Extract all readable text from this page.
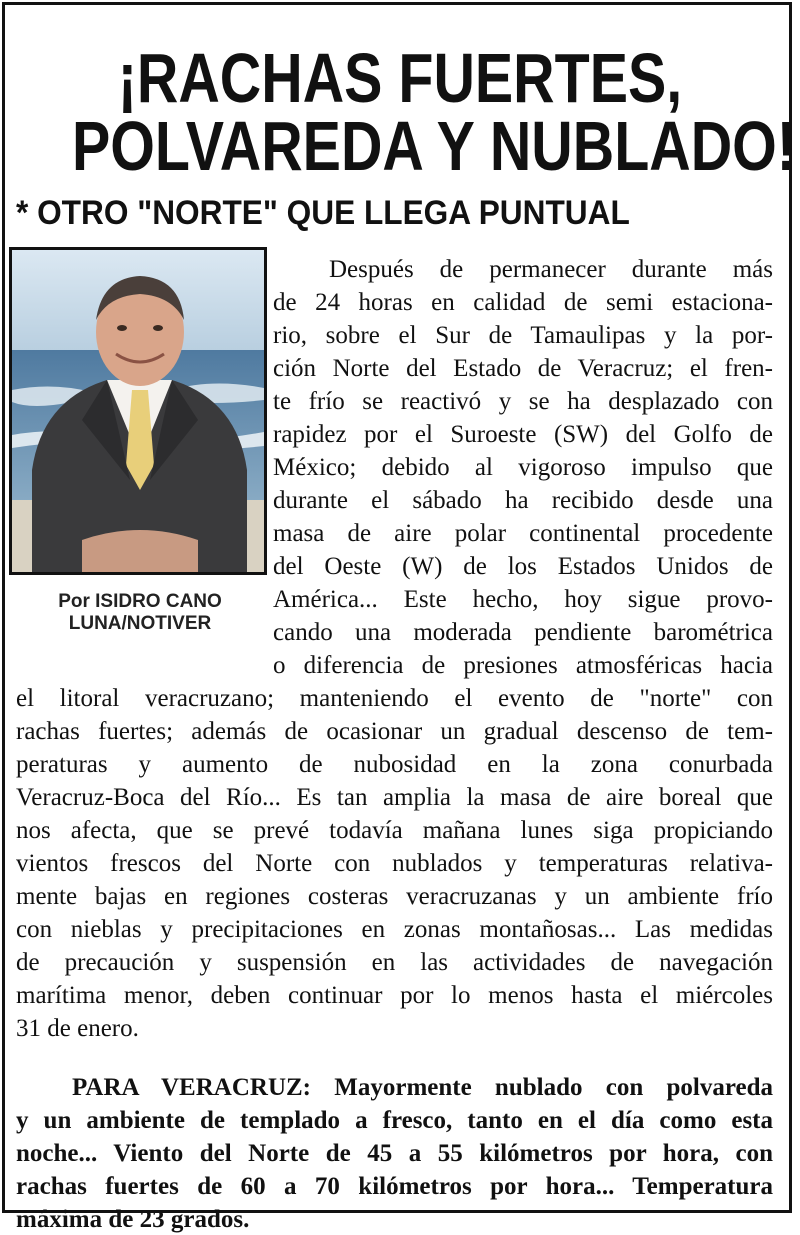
¡RACHAS FUERTES,
POLVAREDA Y NUBLADO!
* OTRO "NORTE" QUE LLEGA PUNTUAL
Por ISIDRO CANO
LUNA/NOTIVER

Después de permanecer durante más

de 24 horas en calidad de semi estaciona-

rio, sobre el Sur de Tamaulipas y la por-

ción Norte del Estado de Veracruz; el fren-

te frío se reactivó y se ha desplazado con

rapidez por el Suroeste (SW) del Golfo de

México; debido al vigoroso impulso que

durante el sábado ha recibido desde una

masa de aire polar continental procedente

del Oeste (W) de los Estados Unidos de

América... Este hecho, hoy sigue provo-

cando una moderada pendiente barométrica

o diferencia de presiones atmosféricas hacia

el litoral veracruzano; manteniendo el evento de "norte" con

rachas fuertes; además de ocasionar un gradual descenso de tem-

peraturas y aumento de nubosidad en la zona conurbada

Veracruz-Boca del Río... Es tan amplia la masa de aire boreal que

nos afecta, que se prevé todavía mañana lunes siga propiciando

vientos frescos del Norte con nublados y temperaturas relativa-

mente bajas en regiones costeras veracruzanas y un ambiente frío

con nieblas y precipitaciones en zonas montañosas... Las medidas

de precaución y suspensión en las actividades de navegación

marítima menor, deben continuar por lo menos hasta el miércoles

31 de enero.

PARA VERACRUZ: Mayormente nublado con polvareda

y un ambiente de templado a fresco, tanto en el día como esta

noche... Viento del Norte de 45 a 55 kilómetros por hora, con

rachas fuertes de 60 a 70 kilómetros por hora... Temperatura

máxima de 23 grados.
